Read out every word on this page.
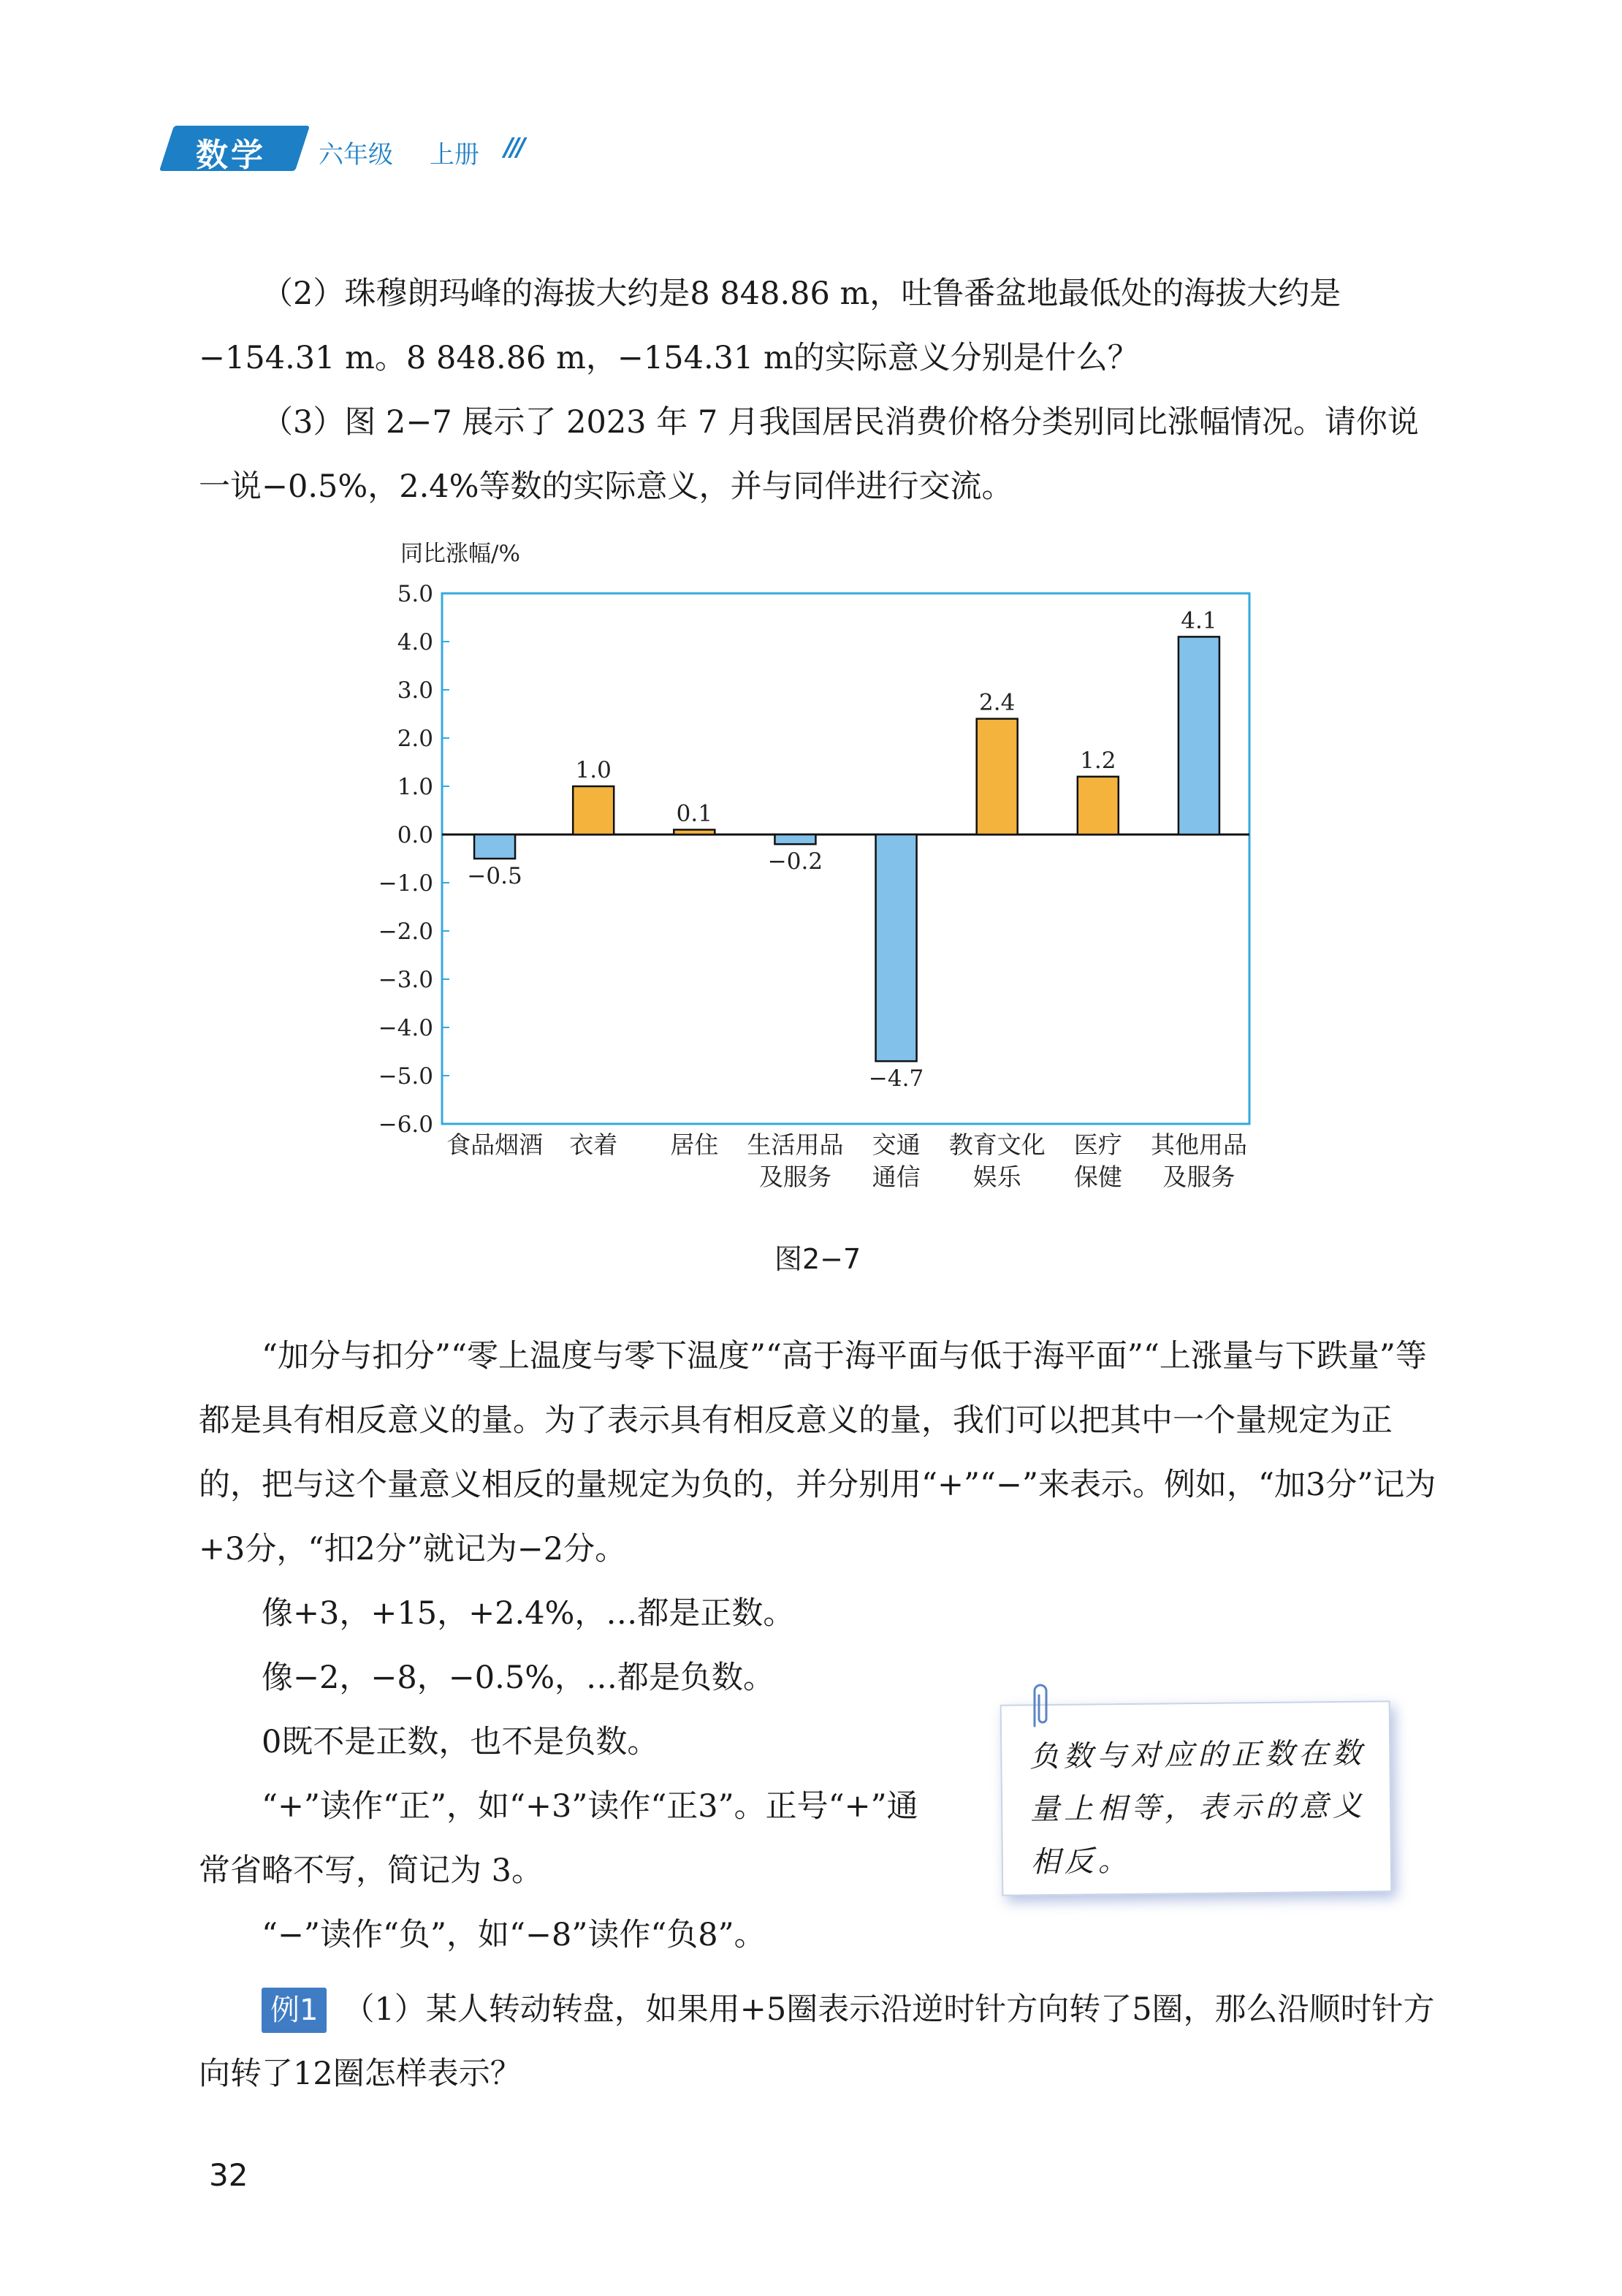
数学 六年级 上册 ///

（2）珠穆朗玛峰的海拔大约是8 848.86 m，吐鲁番盆地最低处的海拔大约是−154.31 m。8 848.86 m，−154.31 m的实际意义分别是什么？

（3）图 2−7 展示了 2023 年 7 月我国居民消费价格分类别同比涨幅情况。请你说一说−0.5%，2.4%等数的实际意义，并与同伴进行交流。

同比涨幅/%
5.0
4.0
3.0
2.0
1.0
0.0
−1.0
−2.0
−3.0
−4.0
−5.0
−6.0
−0.5
食品烟酒
1.0
衣着
0.1
居住
−0.2
生活用品
及服务
−4.7
交通
通信
2.4
教育文化
娱乐
1.2
医疗
保健
4.1
其他用品
及服务
图2−7

“加分与扣分”“零上温度与零下温度”“高于海平面与低于海平面”“上涨量与下跌量”等都是具有相反意义的量。为了表示具有相反意义的量，我们可以把其中一个量规定为正的，把与这个量意义相反的量规定为负的，并分别用“+”“−”来表示。例如，“加3分”记为+3分，“扣2分”就记为−2分。

像+3，+15，+2.4%，…都是正数。

像−2，−8，−0.5%，…都是负数。

0既不是正数，也不是负数。

“+”读作“正”，如“+3”读作“正3”。正号“+”通常省略不写，简记为 3。

“−”读作“负”，如“−8”读作“负8”。

负数与对应的正数在数量上相等，表示的意义相反。

例1 （1）某人转动转盘，如果用+5圈表示沿逆时针方向转了5圈，那么沿顺时针方向转了12圈怎样表示？

32
